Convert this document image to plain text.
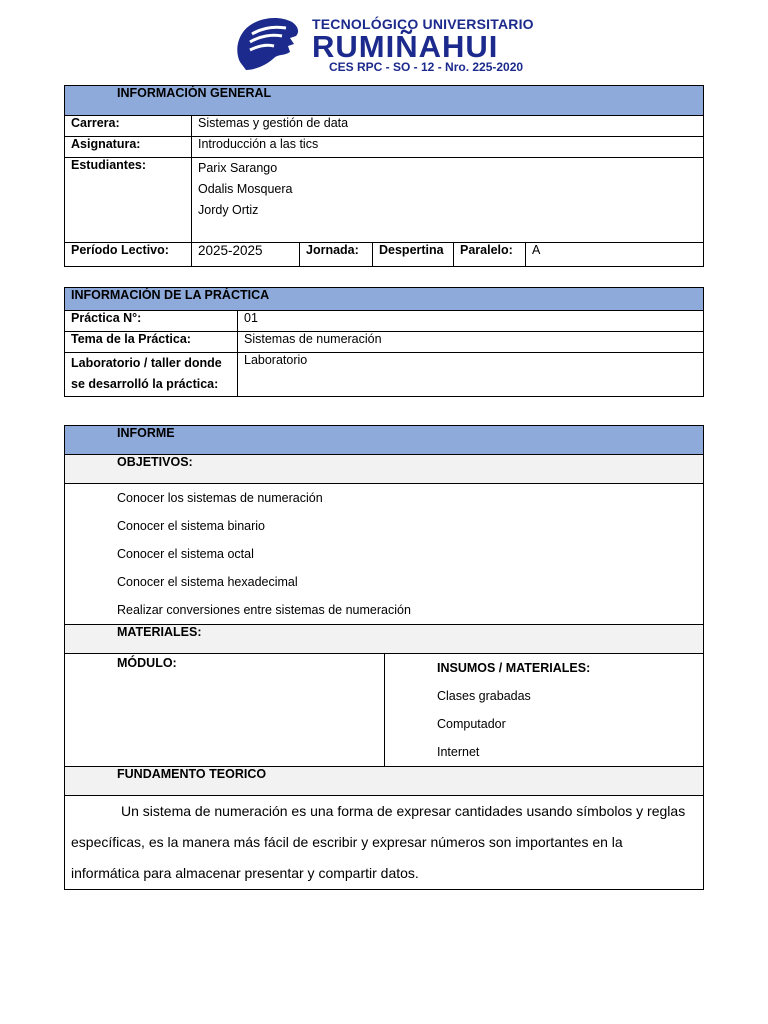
TECNOLÓGICO UNIVERSITARIO
RUMIÑAHUI
CES RPC - SO - 12 - Nro. 225-2020
INFORMACIÓN GENERAL					
Carrera:	Sistemas y gestión de data				
Asignatura:	Introducción a las tics				
Estudiantes:	Parix Sarango
Odalis Mosquera
Jordy Ortiz				

Período Lectivo:	2025-2025	Jornada:	Despertina	Paralelo:	A
INFORMACIÓN DE LA PRÁCTICA	
Práctica N°:	01
Tema de la Práctica:	Sistemas de numeración

Laboratorio / taller donde
se desarrolló la práctica:	Laboratorio
INFORME
OBJETIVOS:

Conocer los sistemas de numeración
Conocer el sistema binario
Conocer el sistema octal
Conocer el sistema hexadecimal
Realizar conversiones entre sistemas de numeración

MATERIALES:
MÓDULO:	INSUMOS / MATERIALES:
Clases grabadas
Computador
Internet

FUNDAMENTO TEORICO

Un sistema de numeración es una forma de expresar cantidades usando símbolos y reglas
específicas, es la manera más fácil de escribir y expresar números son importantes en la
informática para almacenar presentar y compartir datos.
